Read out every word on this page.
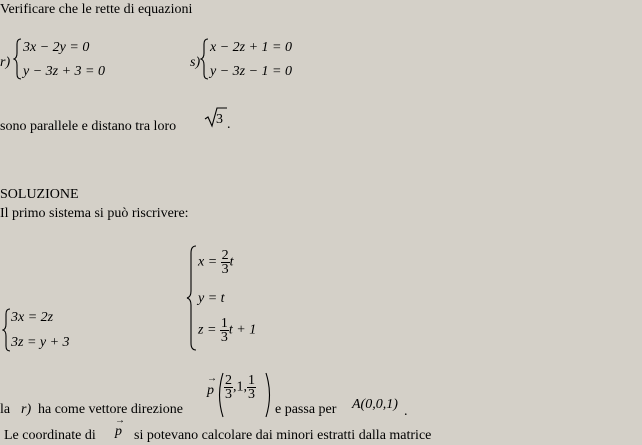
Verificare che le rette di equazioni
r)
3x − 2y = 0
y − 3z + 3 = 0
s)
x − 2z + 1 = 0
y − 3z − 1 = 0
sono parallele e distano tra loro	3 .
SOLUZIONE
Il primo sistema si può riscrivere:
3x = 2z
3z = y + 3
$x = \frac{2}{3}$ t
y = t
$z = \frac{1}{3}$ t + 1
la r) ha come vettore direzione
→
p $\frac{2}{3} ,1$, $\frac{1}{3}$
e passa per A(0,0,1) .
Le coordinate di
→
p si potevano calcolare dai minori estratti dalla matrice
